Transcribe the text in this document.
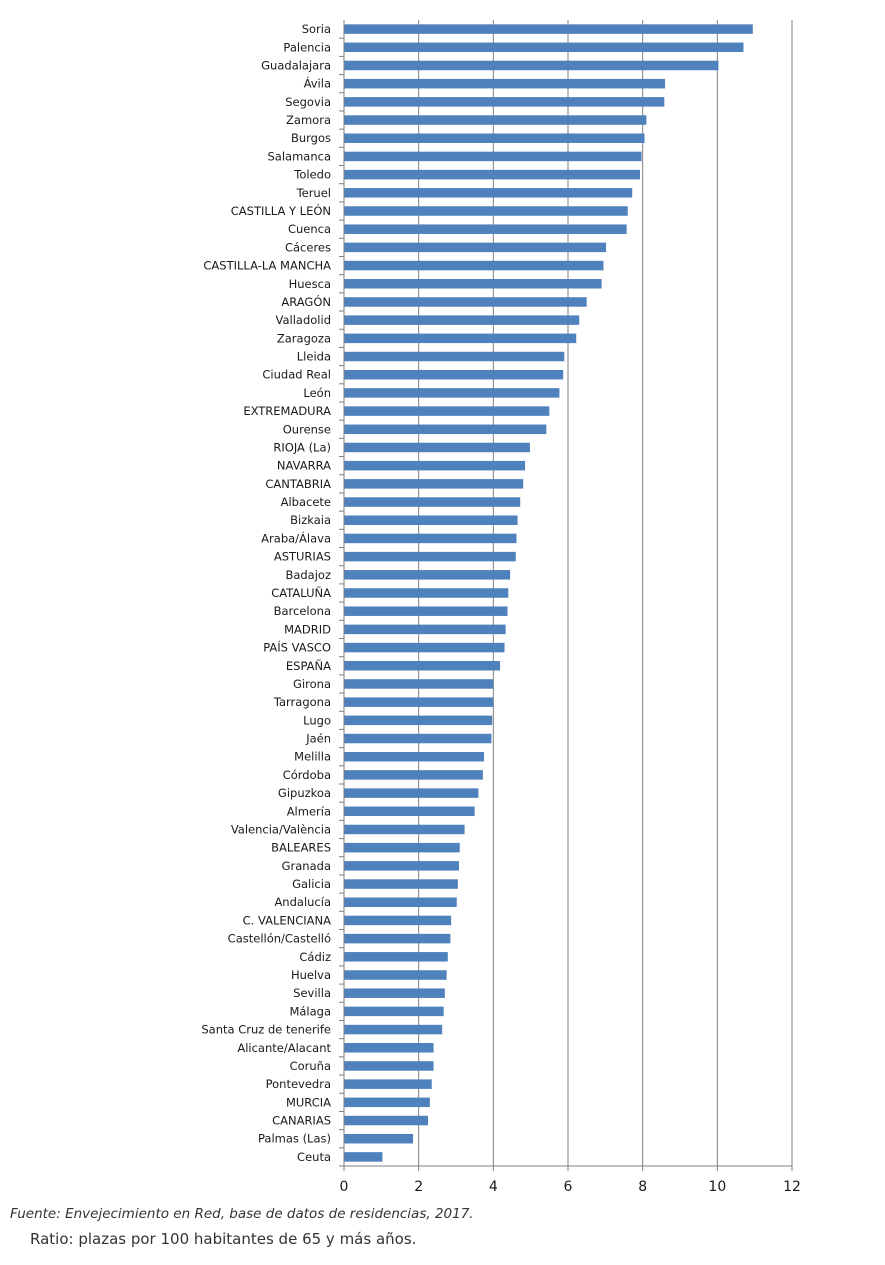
Soria
Palencia
Guadalajara
Ávila
Segovia
Zamora
Burgos
Salamanca
Toledo
Teruel
CASTILLA Y LEÓN
Cuenca
Cáceres
CASTILLA-LA MANCHA
Huesca
ARAGÓN
Valladolid
Zaragoza
Lleida
Ciudad Real
León
EXTREMADURA
Ourense
RIOJA (La)
NAVARRA
CANTABRIA
Albacete
Bizkaia
Araba/Álava
ASTURIAS
Badajoz
CATALUÑA
Barcelona
MADRID
PAÍS VASCO
ESPAÑA
Girona
Tarragona
Lugo
Jaén
Melilla
Córdoba
Gipuzkoa
Almería
Valencia/València
BALEARES
Granada
Galicia
Andalucía
C. VALENCIANA
Castellón/Castelló
Cádiz
Huelva
Sevilla
Málaga
Santa Cruz de tenerife
Alicante/Alacant
Coruña
Pontevedra
MURCIA
CANARIAS
Palmas (Las)
Ceuta
0	2	4	6	8	10	12
Fuente: Envejecimiento en Red, base de datos de residencias, 2017.
Ratio: plazas por 100 habitantes de 65 y más años.
